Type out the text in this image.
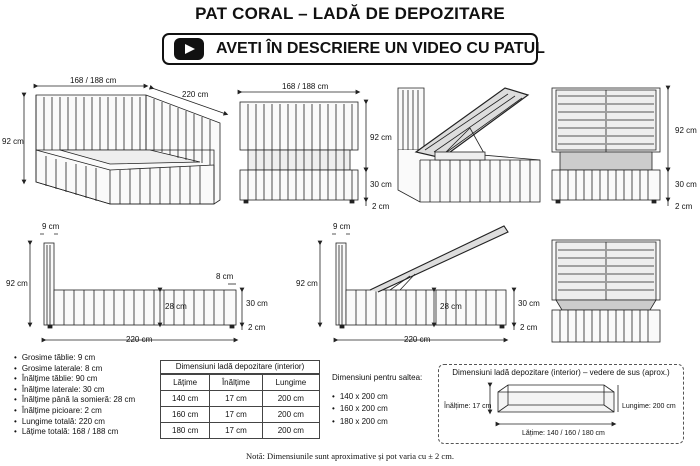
PAT CORAL – LADĂ DE DEPOZITARE
AVETI ÎN DESCRIERE UN VIDEO CU PATUL
168 / 188 cm
220 cm
92 cm
168 / 188 cm
92 cm
30 cm
2 cm
92 cm
30 cm
2 cm
9 cm
92 cm
8 cm
28 cm	30 cm
2 cm
220 cm
9 cm
92 cm
28 cm	30 cm
2 cm
220 cm
• Grosime tăblie: 9 cm
• Grosime laterale: 8 cm
• Înălțime tăblie: 90 cm
• Înălțime laterale: 30 cm
• Înălțime până la somieră: 28 cm
• Înălțime picioare: 2 cm
• Lungime totală: 220 cm
• Lățime totală: 168 / 188 cm
Dimensiuni ladă depozitare (interior)
Lățime	Înălțime	Lungime
140 cm	17 cm	200 cm
160 cm	17 cm	200 cm
180 cm	17 cm	200 cm
Dimensiuni pentru saltea:
• 140 x 200 cm
• 160 x 200 cm
• 180 x 200 cm
Dimensiuni ladă depozitare (interior) – vedere de sus (aprox.)
Înălțime: 17 cm	Lungime: 200 cm
Lățime: 140 / 160 / 180 cm
Notă: Dimensiunile sunt aproximative și pot varia cu ± 2 cm.
